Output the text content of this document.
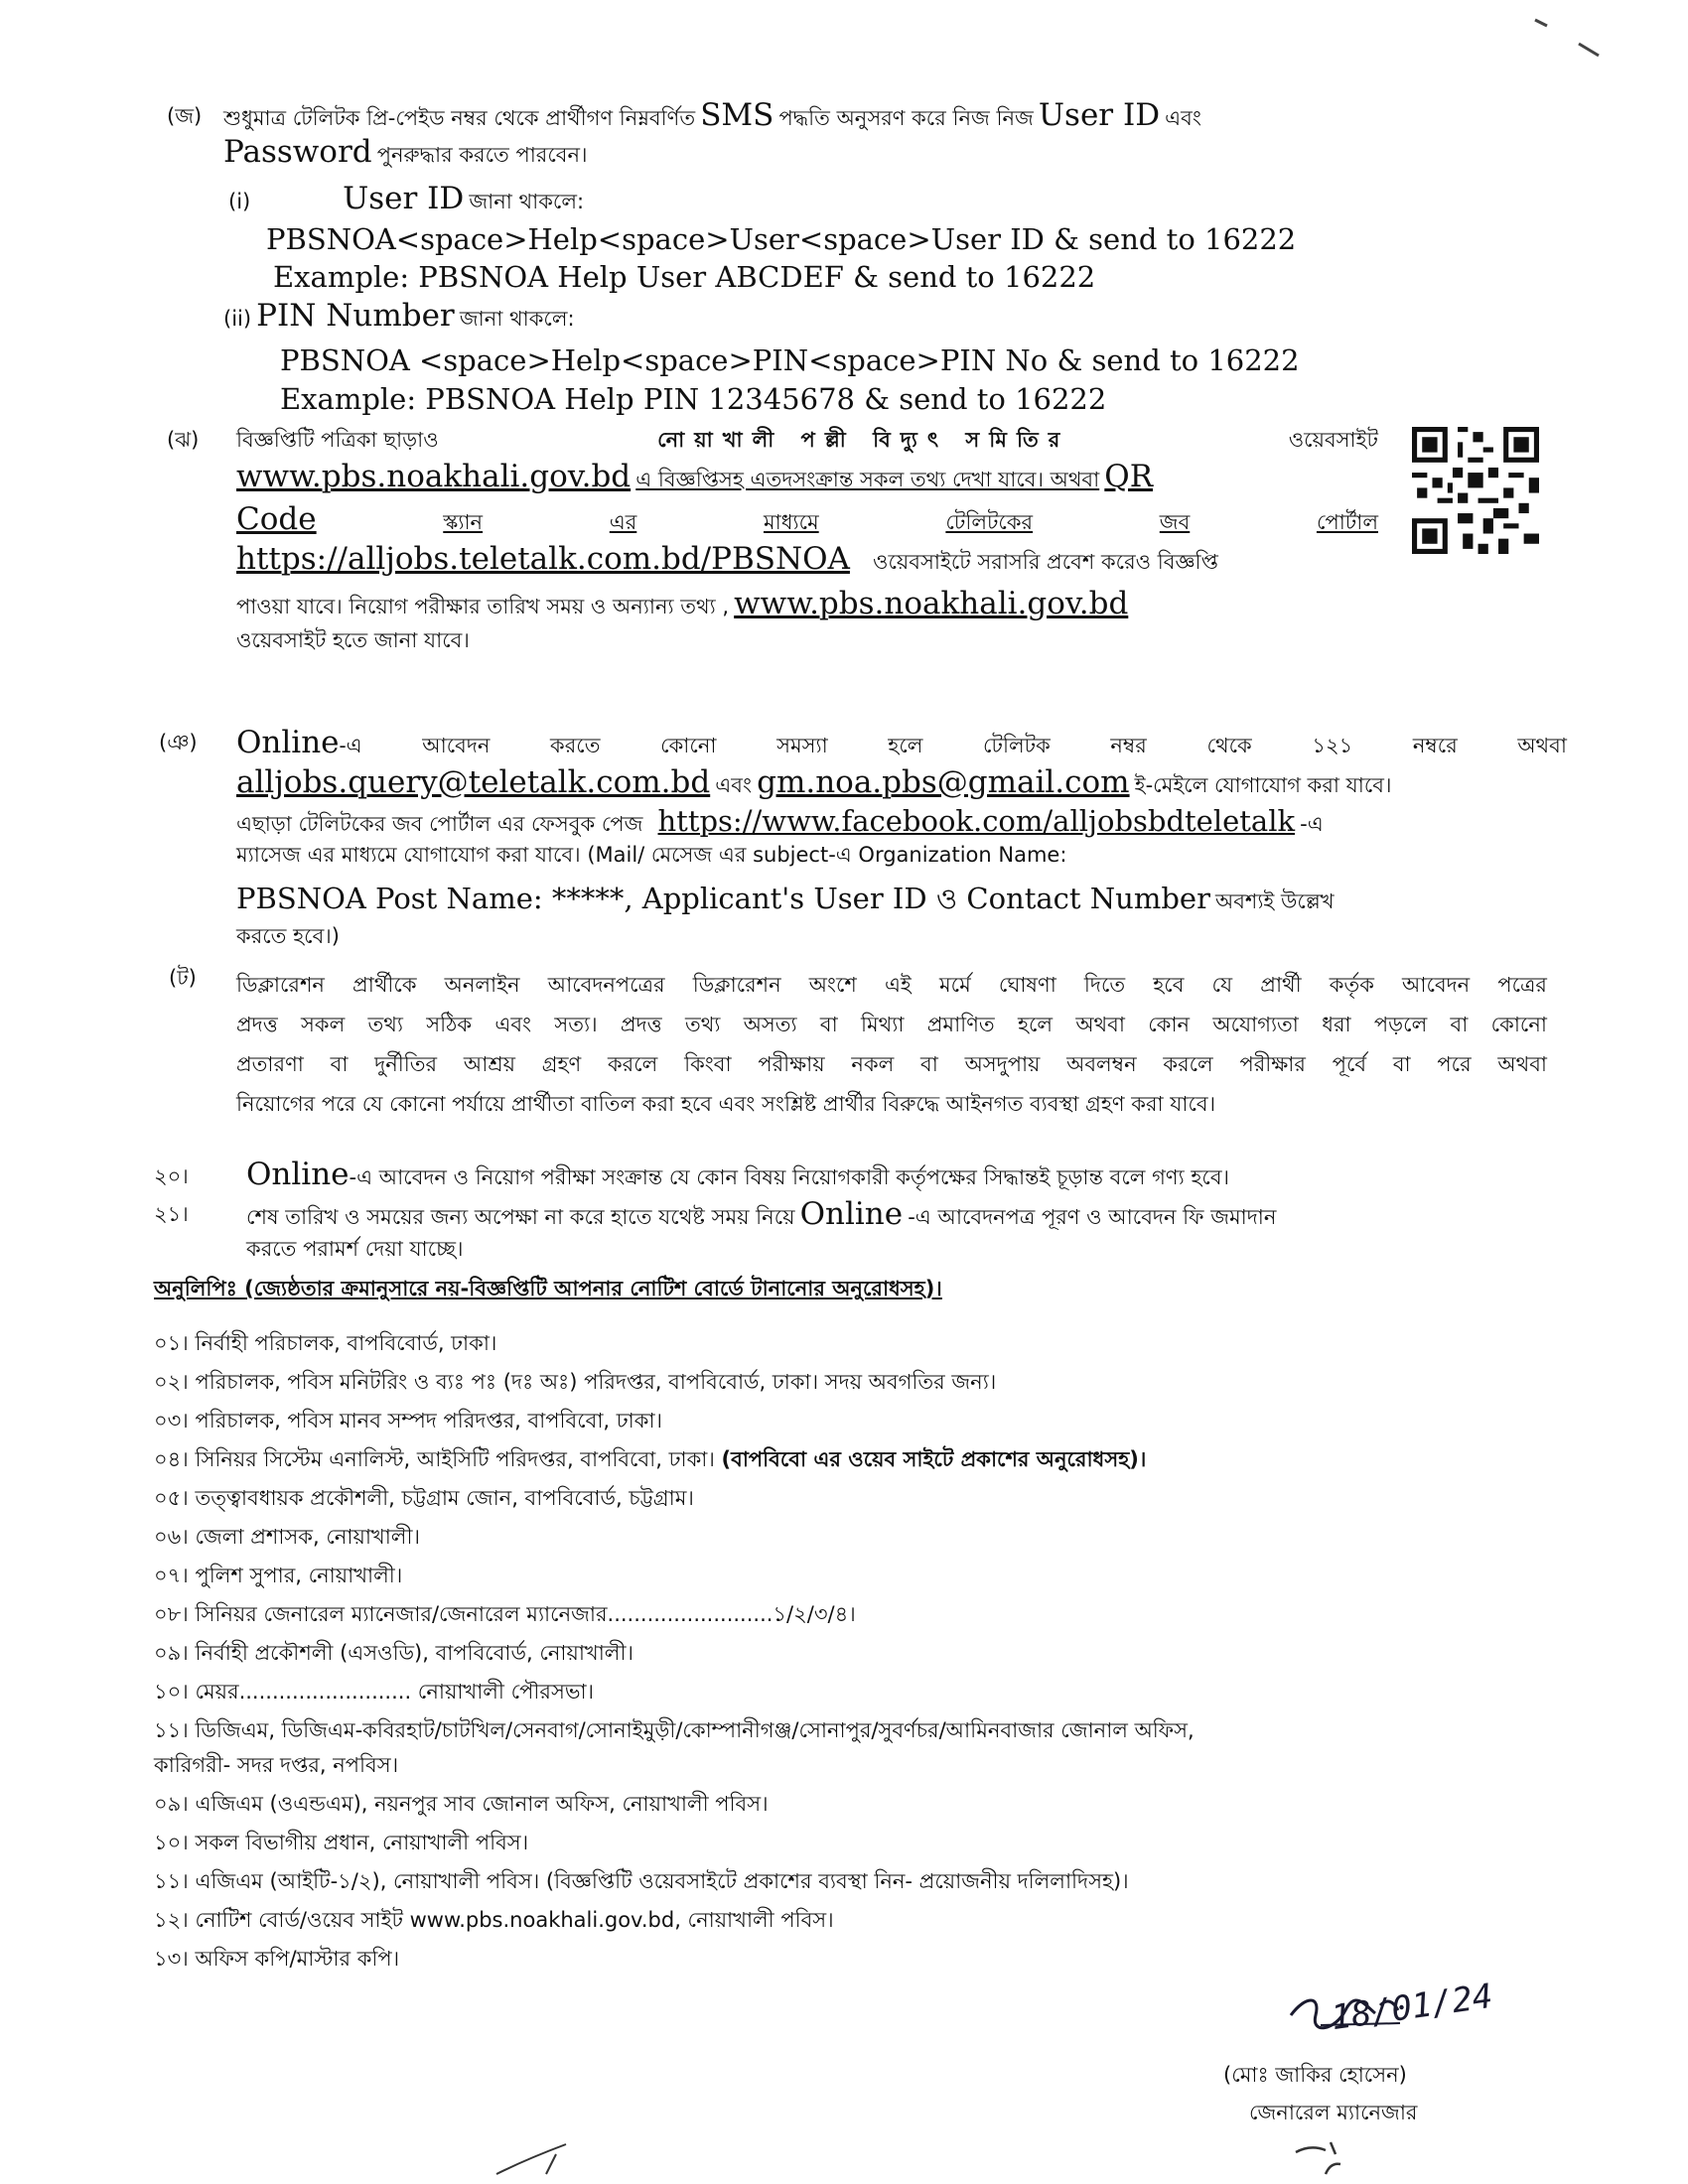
(জ) শুধুমাত্র টেলিটক প্রি-পেইড নম্বর থেকে প্রার্থীগণ নিম্নবর্ণিত SMS পদ্ধতি অনুসরণ করে নিজ নিজ User ID এবং
Password পুনরুদ্ধার করতে পারবেন।
(i)	User ID জানা থাকলে:
PBSNOA<space>Help<space>User<space>User ID & send to 16222
Example: PBSNOA Help User ABCDEF & send to 16222
(ii) PIN Number জানা থাকলে:
PBSNOA <space>Help<space>PIN<space>PIN No & send to 16222
Example: PBSNOA Help PIN 12345678 & send to 16222
(ঝ) বিজ্ঞপ্তিটি পত্রিকা ছাড়াও	নোয়াখালী পল্লী বিদ্যুৎ সমিতির	ওয়েবসাইট
www.pbs.noakhali.gov.bd এ বিজ্ঞপ্তিসহ এতদসংক্রান্ত সকল তথ্য দেখা যাবে। অথবা QR
Code	স্ক্যান	এর	মাধ্যমে	টেলিটকের	জব	পোর্টাল
https://alljobs.teletalk.com.bd/PBSNOA ওয়েবসাইটে সরাসরি প্রবেশ করেও বিজ্ঞপ্তি
পাওয়া যাবে। নিয়োগ পরীক্ষার তারিখ সময় ও অন্যান্য তথ্য , www.pbs.noakhali.gov.bd
ওয়েবসাইট হতে জানা যাবে।
(ঞ) Online-এ	আবেদন	করতে	কোনো	সমস্যা	হলে	টেলিটক	নম্বর	থেকে	১২১	নম্বরে	অথবা
alljobs.query@teletalk.com.bd এবং gm.noa.pbs@gmail.com ই-মেইলে যোগাযোগ করা যাবে।
এছাড়া টেলিটকের জব পোর্টাল এর ফেসবুক পেজ https://www.facebook.com/alljobsbdteletalk -এ
ম্যাসেজ এর মাধ্যমে যোগাযোগ করা যাবে। (Mail/ মেসেজ এর subject-এ Organization Name:
PBSNOA Post Name: *****, Applicant's User ID ও Contact Number অবশ্যই উল্লেখ
করতে হবে।)
(ট) ডিক্লারেশন প্রার্থীকে অনলাইন আবেদনপত্রের ডিক্লারেশন অংশে এই মর্মে ঘোষণা দিতে হবে যে প্রার্থী কর্তৃক আবেদন পত্রের
প্রদত্ত সকল তথ্য সঠিক এবং সত্য। প্রদত্ত তথ্য অসত্য বা মিথ্যা প্রমাণিত হলে অথবা কোন অযোগ্যতা ধরা পড়লে বা কোনো
প্রতারণা বা দুর্নীতির আশ্রয় গ্রহণ করলে কিংবা পরীক্ষায় নকল বা অসদুপায় অবলম্বন করলে পরীক্ষার পূর্বে বা পরে অথবা
নিয়োগের পরে যে কোনো পর্যায়ে প্রার্থীতা বাতিল করা হবে এবং সংশ্লিষ্ট প্রার্থীর বিরুদ্ধে আইনগত ব্যবস্থা গ্রহণ করা যাবে।
২০। Online-এ আবেদন ও নিয়োগ পরীক্ষা সংক্রান্ত যে কোন বিষয় নিয়োগকারী কর্তৃপক্ষের সিদ্ধান্তই চূড়ান্ত বলে গণ্য হবে।
২১।	শেষ তারিখ ও সময়ের জন্য অপেক্ষা না করে হাতে যথেষ্ট সময় নিয়ে Online -এ আবেদনপত্র পূরণ ও আবেদন ফি জমাদান
করতে পরামর্শ দেয়া যাচ্ছে।
অনুলিপিঃ (জ্যেষ্ঠতার ক্রমানুসারে নয়-বিজ্ঞপ্তিটি আপনার নোটিশ বোর্ডে টানানোর অনুরোধসহ)।
০১। নির্বাহী পরিচালক, বাপবিবোর্ড, ঢাকা।
০২। পরিচালক, পবিস মনিটরিং ও ব্যঃ পঃ (দঃ অঃ) পরিদপ্তর, বাপবিবোর্ড, ঢাকা। সদয় অবগতির জন্য।
০৩। পরিচালক, পবিস মানব সম্পদ পরিদপ্তর, বাপবিবো, ঢাকা।
০৪। সিনিয়র সিস্টেম এনালিস্ট, আইসিটি পরিদপ্তর, বাপবিবো, ঢাকা। (বাপবিবো এর ওয়েব সাইটে প্রকাশের অনুরোধসহ)।
০৫। তত্ত্বাবধায়ক প্রকৌশলী, চট্টগ্রাম জোন, বাপবিবোর্ড, চট্টগ্রাম।
০৬। জেলা প্রশাসক, নোয়াখালী।
০৭। পুলিশ সুপার, নোয়াখালী।
০৮। সিনিয়র জেনারেল ম্যানেজার/জেনারেল ম্যানেজার.........................১/২/৩/৪।
০৯। নির্বাহী প্রকৌশলী (এসওডি), বাপবিবোর্ড, নোয়াখালী।
১০। মেয়র.......................... নোয়াখালী পৌরসভা।
১১। ডিজিএম, ডিজিএম-কবিরহাট/চাটখিল/সেনবাগ/সোনাইমুড়ী/কোম্পানীগঞ্জ/সোনাপুর/সুবর্ণচর/আমিনবাজার জোনাল অফিস,
কারিগরী- সদর দপ্তর, নপবিস।
০৯। এজিএম (ওএন্ডএম), নয়নপুর সাব জোনাল অফিস, নোয়াখালী পবিস।
১০। সকল বিভাগীয় প্রধান, নোয়াখালী পবিস।
১১। এজিএম (আইটি-১/২), নোয়াখালী পবিস। (বিজ্ঞপ্তিটি ওয়েবসাইটে প্রকাশের ব্যবস্থা নিন- প্রয়োজনীয় দলিলাদিসহ)।
১২। নোটিশ বোর্ড/ওয়েব সাইট www.pbs.noakhali.gov.bd, নোয়াখালী পবিস।
১৩। অফিস কপি/মাস্টার কপি।
18/01/24
(মোঃ জাকির হোসেন)
জেনারেল ম্যানেজার
